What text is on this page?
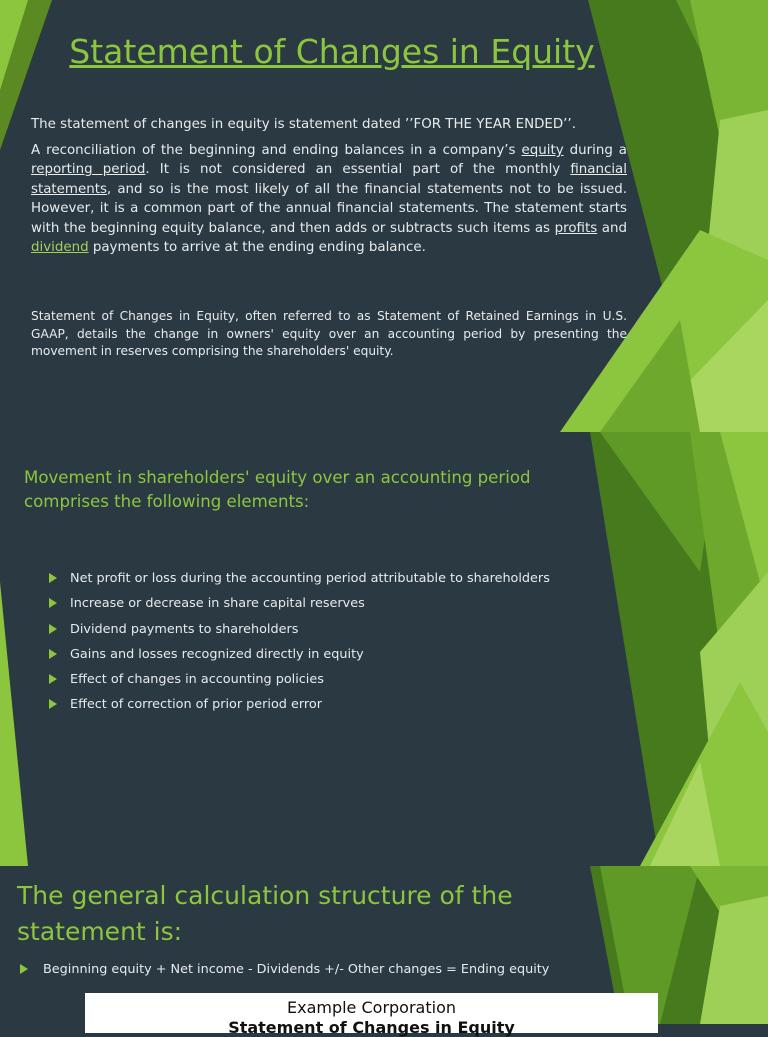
Statement of Changes in Equity

The statement of changes in equity is statement dated ’’FOR THE YEAR ENDED’’.

A reconciliation of the beginning and ending balances in a company’s equity during a reporting period. It is not considered an essential part of the monthly financial statements, and so is the most likely of all the financial statements not to be issued. However, it is a common part of the annual financial statements. The statement starts with the beginning equity balance, and then adds or subtracts such items as profits and dividend payments to arrive at the ending ending balance.

Statement of Changes in Equity, often referred to as Statement of Retained Earnings in U.S. GAAP, details the change in owners' equity over an accounting period by presenting the movement in reserves comprising the shareholders' equity.

Movement in shareholders' equity over an accounting period comprises the following elements:
Net profit or loss during the accounting period attributable to shareholders
Increase or decrease in share capital reserves
Dividend payments to shareholders
Gains and losses recognized directly in equity
Effect of changes in accounting policies
Effect of correction of prior period error
The general calculation structure of the statement is:
Beginning equity + Net income - Dividends +/- Other changes = Ending equity
Example Corporation
Statement of Changes in Equity
